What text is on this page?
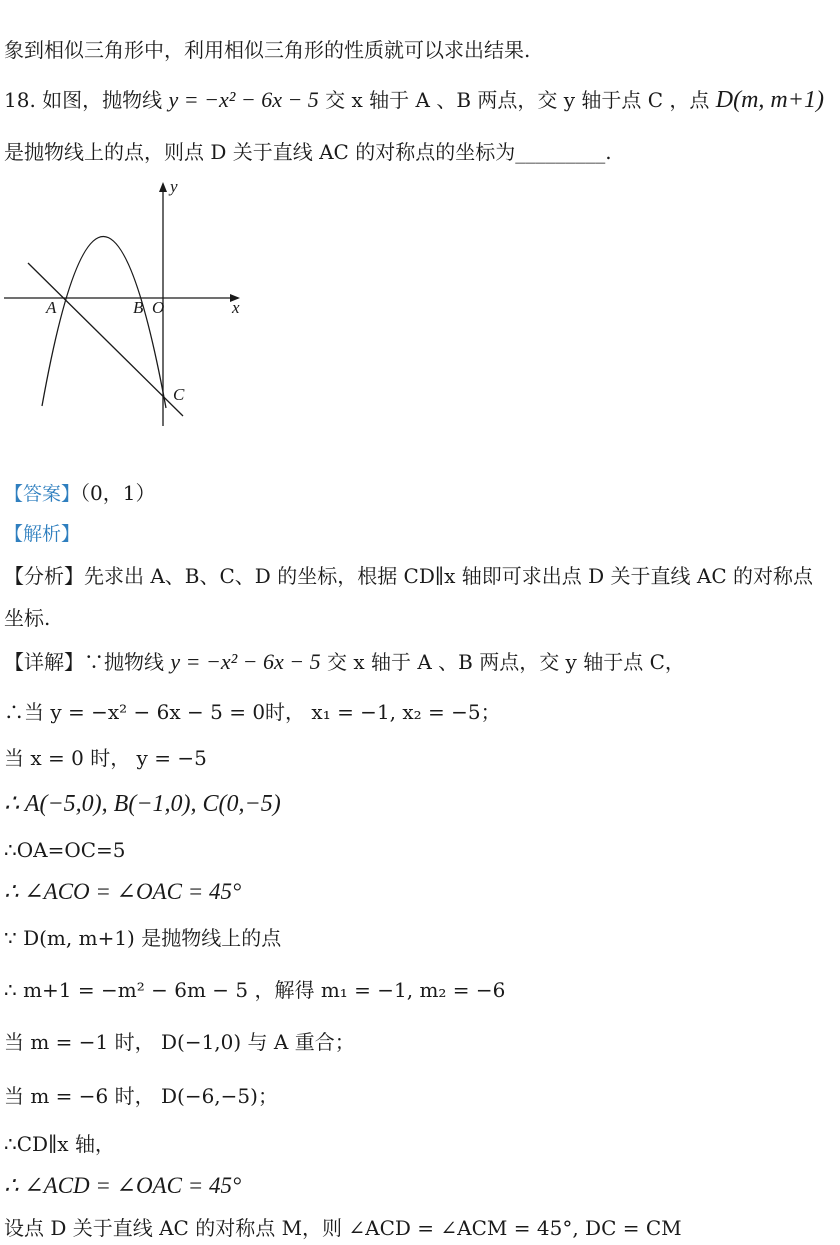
象到相似三角形中，利用相似三角形的性质就可以求出结果.
18. 如图，抛物线 y = −x² − 6x − 5 交 x 轴于 A 、B 两点，交 y 轴于点 C ，点 D(m, m+1)
是抛物线上的点，则点 D 关于直线 AC 的对称点的坐标为_________.
y
x
A	B O
C
【答案】（0，1）
【解析】
【分析】先求出 A、B、C、D 的坐标，根据 CD∥x 轴即可求出点 D 关于直线 AC 的对称点
坐标.
【详解】∵抛物线 y = −x² − 6x − 5 交 x 轴于 A 、B 两点，交 y 轴于点 C，
∴当 y = −x² − 6x − 5 = 0时， x₁ = −1, x₂ = −5；
当 x = 0 时， y = −5
∴ A(−5,0), B(−1,0), C(0,−5)
∴OA=OC=5
∴ ∠ACO = ∠OAC = 45°
∵ D(m, m+1) 是抛物线上的点
∴ m+1 = −m² − 6m − 5 ，解得 m₁ = −1, m₂ = −6
当 m = −1 时， D(−1,0) 与 A 重合；
当 m = −6 时， D(−6,−5)；
∴CD∥x 轴，
∴ ∠ACD = ∠OAC = 45°
设点 D 关于直线 AC 的对称点 M，则 ∠ACD = ∠ACM = 45°, DC = CM
